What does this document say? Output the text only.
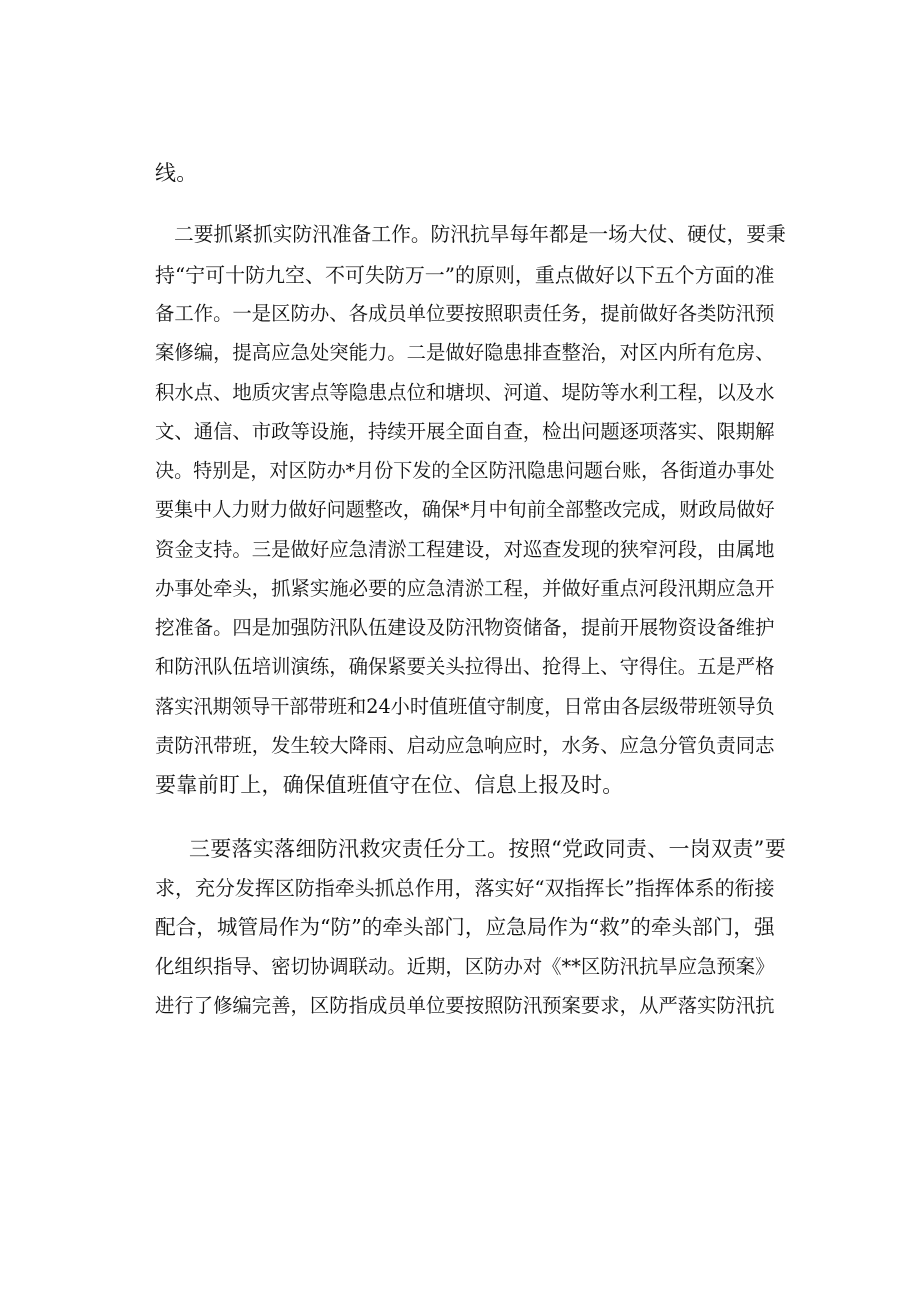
线。
二要抓紧抓实防汛准备工作。防汛抗旱每年都是一场大仗、硬仗，要秉
持“宁可十防九空、不可失防万一”的原则，重点做好以下五个方面的准
备工作。一是区防办、各成员单位要按照职责任务，提前做好各类防汛预
案修编，提高应急处突能力。二是做好隐患排查整治，对区内所有危房、
积水点、地质灾害点等隐患点位和塘坝、河道、堤防等水利工程，以及水
文、通信、市政等设施，持续开展全面自查，检出问题逐项落实、限期解
决。特别是，对区防办*月份下发的全区防汛隐患问题台账，各街道办事处
要集中人力财力做好问题整改，确保*月中旬前全部整改完成，财政局做好
资金支持。三是做好应急清淤工程建设，对巡查发现的狭窄河段，由属地
办事处牵头，抓紧实施必要的应急清淤工程，并做好重点河段汛期应急开
挖准备。四是加强防汛队伍建设及防汛物资储备，提前开展物资设备维护
和防汛队伍培训演练，确保紧要关头拉得出、抢得上、守得住。五是严格
落实汛期领导干部带班和24小时值班值守制度，日常由各层级带班领导负
责防汛带班，发生较大降雨、启动应急响应时，水务、应急分管负责同志
要靠前盯上，确保值班值守在位、信息上报及时。
三要落实落细防汛救灾责任分工。按照“党政同责、一岗双责”要
求，充分发挥区防指牵头抓总作用，落实好“双指挥长”指挥体系的衔接
配合，城管局作为“防”的牵头部门，应急局作为“救”的牵头部门，强
化组织指导、密切协调联动。近期，区防办对《**区防汛抗旱应急预案》
进行了修编完善，区防指成员单位要按照防汛预案要求，从严落实防汛抗
